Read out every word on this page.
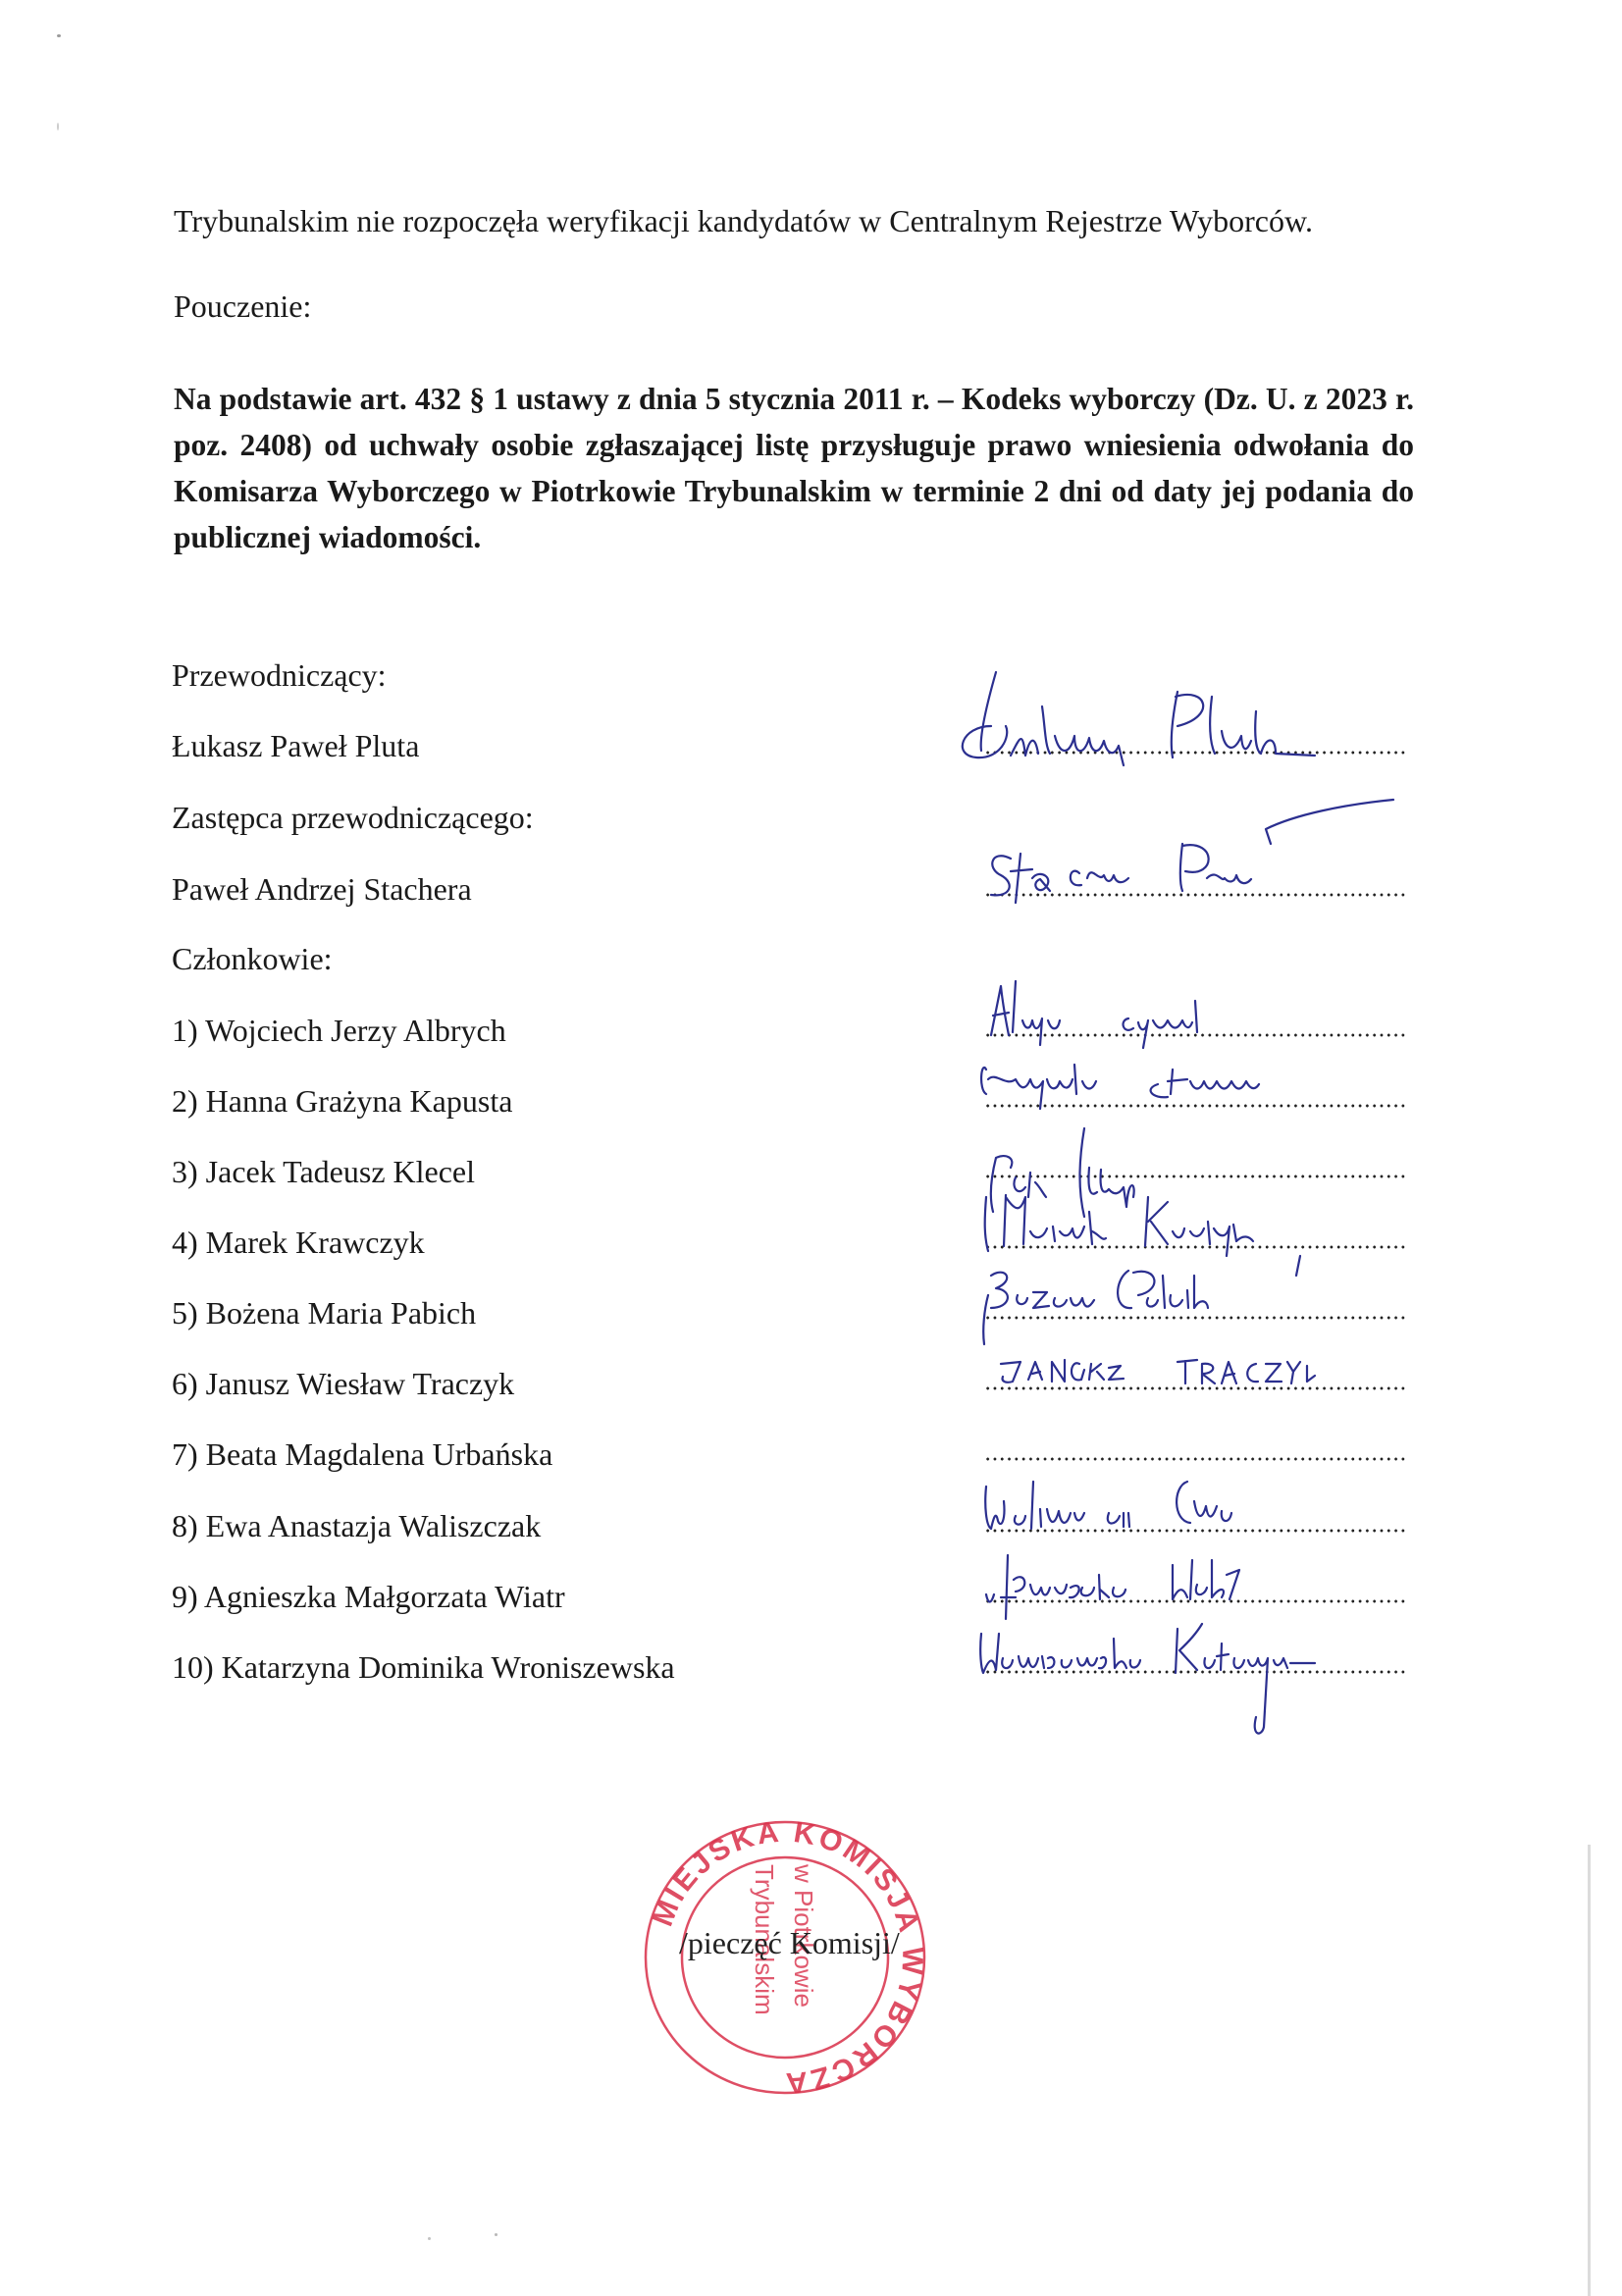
Trybunalskim nie rozpoczęła weryfikacji kandydatów w Centralnym Rejestrze Wyborców.
Pouczenie:
Na podstawie art. 432 § 1 ustawy z dnia 5 stycznia 2011 r. – Kodeks wyborczy (Dz. U. z 2023 r. poz. 2408) od uchwały osobie zgłaszającej listę przysługuje prawo wniesienia odwołania do Komisarza Wyborczego w Piotrkowie Trybunalskim w terminie 2 dni od daty jej podania do publicznej wiadomości.
Przewodniczący:
Łukasz Paweł Pluta
Zastępca przewodniczącego:
Paweł Andrzej Stachera
Członkowie:
1) Wojciech Jerzy Albrych
2) Hanna Grażyna Kapusta
3) Jacek Tadeusz Klecel
4) Marek Krawczyk
5) Bożena Maria Pabich
6) Janusz Wiesław Traczyk
7) Beata Magdalena Urbańska
8) Ewa Anastazja Waliszczak
9) Agnieszka Małgorzata Wiatr
10) Katarzyna Dominika Wroniszewska
MIEJSKA KOMISJA WYBORCZA
w Piotrkowie
Trybunalskim
/pieczęć Komisji/
